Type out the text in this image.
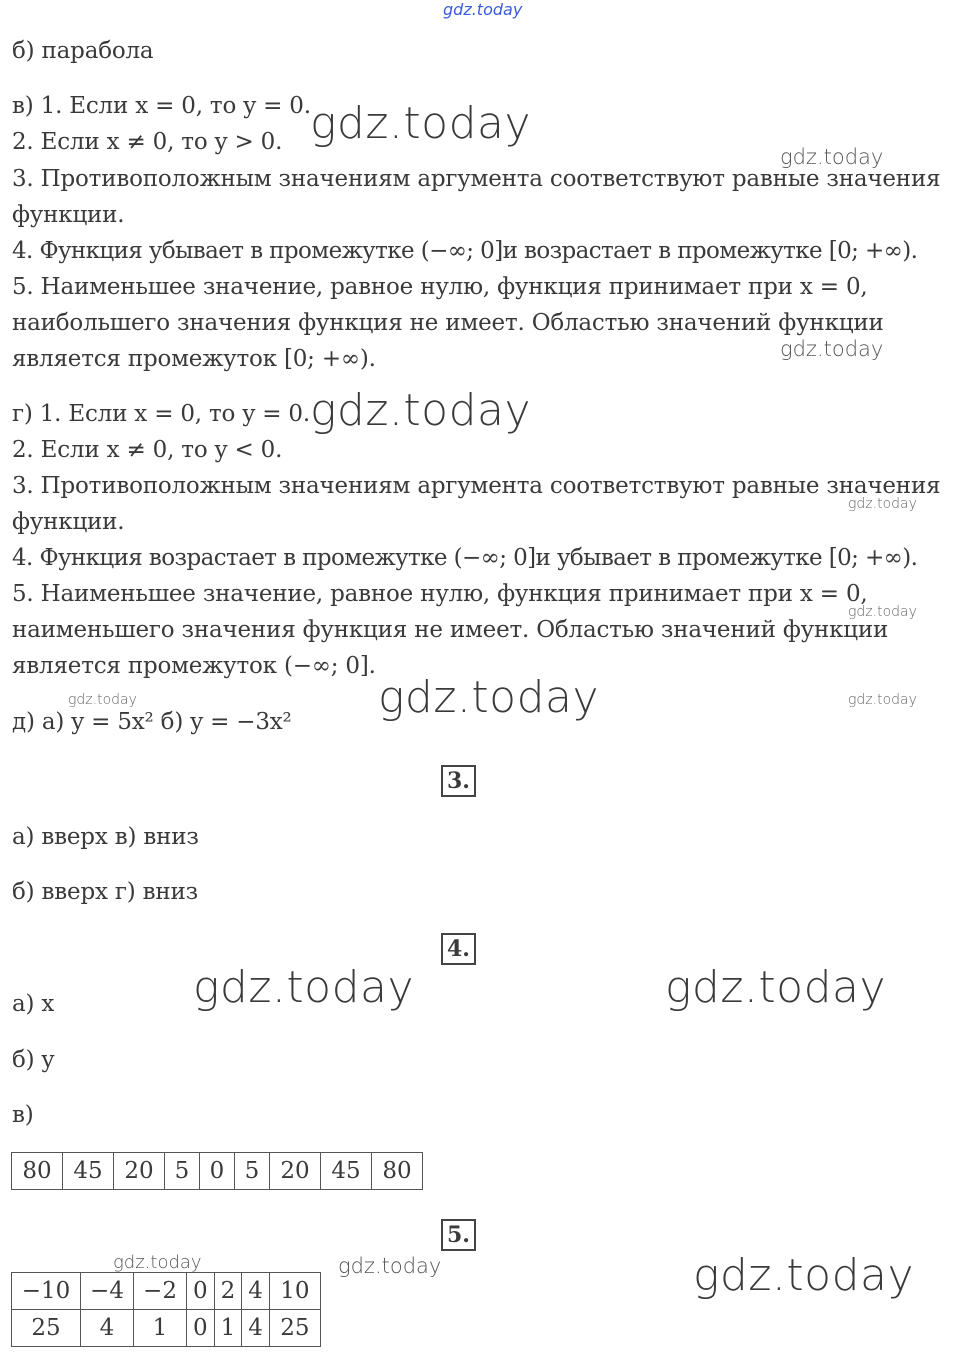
gdz.today
gdz.today
gdz.today
gdz.today
gdz.today
gdz.today
gdz.today
gdz.today	gdz.today
gdz.today
gdz.today	gdz.today
gdz.today	gdz.today	gdz.today
б) парабола
в) 1. Если x = 0, то y = 0.
2. Если x ≠ 0, то y > 0.
3. Противоположным значениям аргумента соответствуют равные значения
функции.
4. Функция убывает в промежутке (−∞; 0]и возрастает в промежутке [0; +∞).
5. Наименьшее значение, равное нулю, функция принимает при x = 0,
наибольшего значения функция не имеет. Областью значений функции
является промежуток [0; +∞).
г) 1. Если x = 0, то y = 0.
2. Если x ≠ 0, то y < 0.
3. Противоположным значениям аргумента соответствуют равные значения
функции.
4. Функция возрастает в промежутке (−∞; 0]и убывает в промежутке [0; +∞).
5. Наименьшее значение, равное нулю, функция принимает при x = 0,
наименьшего значения функция не имеет. Областью значений функции
является промежуток (−∞; 0].
д) а) y = 5x² б) y = −3x²
3.
а) вверх в) вниз
б) вверх г) вниз
4.
а) x
б) y
в)
80	45	20	5	0	5	20	45	80
5.
−10	−4	−2	0	2	4	10
25	4	1	0	1	4	25
